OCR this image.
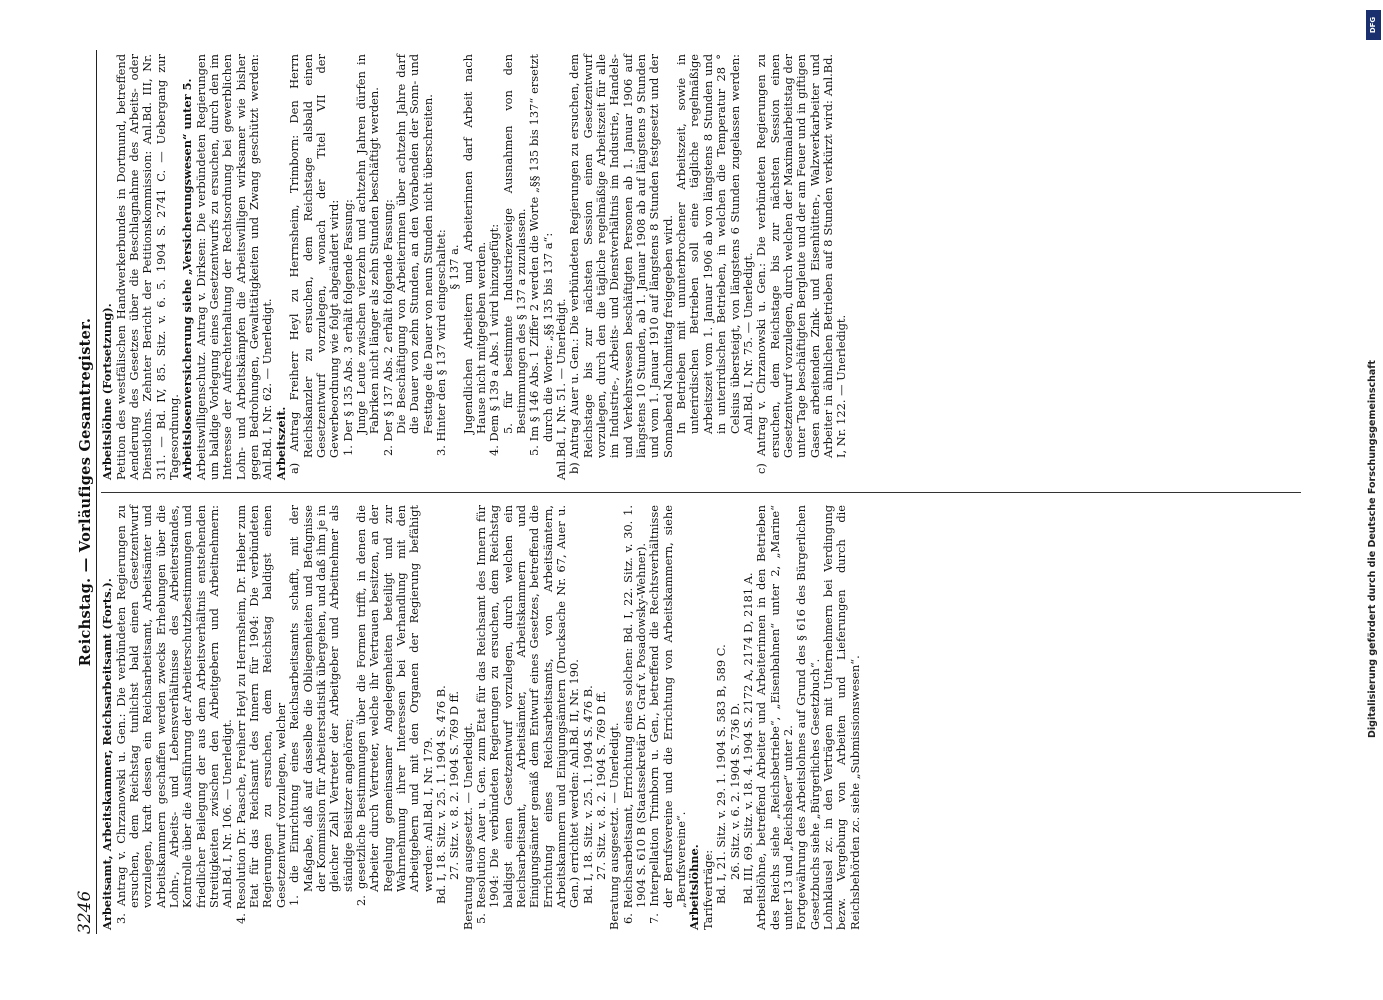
3246
Reichstag. — Vorläufiges Gesamtregister.

Arbeitsamt, Arbeitskammer, Reichsarbeitsamt (Forts.). 3. Antrag v. Chrzanowski u. Gen.: Die verbündeten Regierungen zu ersuchen, dem Reichstag tunlichst bald einen Gesetzentwurf vorzulegen, kraft dessen ein Reichsarbeitsamt, Arbeitsämter und Arbeitskammern geschaffen werden zwecks Erhebungen über die Lohn-, Arbeits- und Lebensverhältnisse des Arbeiterstandes, Kontrolle über die Ausführung der Arbeiterschutzbestimmungen und friedlicher Beilegung der aus dem Arbeitsverhältnis entstehenden Streitigkeiten zwischen den Arbeitgebern und Arbeitnehmern: Anl.Bd. I, Nr. 106. — Unerledigt. 4. Resolution Dr. Paasche, Freiherr Heyl zu Herrnsheim, Dr. Hieber zum Etat für das Reichsamt des Innern für 1904: Die verbündeten Regierungen zu ersuchen, dem Reichstag baldigst einen Gesetzentwurf vorzulegen, welcher 1. die Einrichtung eines Reichsarbeitsamts schafft, mit der Maßgabe, daß auf dasselbe die Obliegenheiten und Befugnisse der Kommission für Arbeiterstatistik übergehen, und daß ihm je in gleicher Zahl Vertreter der Arbeitgeber und Arbeitnehmer als ständige Beisitzer angehören; 2. gesetzliche Bestimmungen über die Formen trifft, in denen die Arbeiter durch Vertreter, welche ihr Vertrauen besitzen, an der Regelung gemeinsamer Angelegenheiten beteiligt und zur Wahrnehmung ihrer Interessen bei Verhandlung mit den Arbeitgebern und mit den Organen der Regierung befähigt werden: Anl.Bd. I, Nr. 179. Bd. I, 18. Sitz. v. 25. 1. 1904 S. 476 B. 27. Sitz. v. 8. 2. 1904 S. 769 D ff. Beratung ausgesetzt. — Unerledigt. 5. Resolution Auer u. Gen. zum Etat für das Reichsamt des Innern für 1904: Die verbündeten Regierungen zu ersuchen, dem Reichstag baldigst einen Gesetzentwurf vorzulegen, durch welchen ein Reichsarbeitsamt, Arbeitsämter, Arbeitskammern und Einigungsämter gemäß dem Entwurf eines Gesetzes, betreffend die Errichtung eines Reichsarbeitsamts, von Arbeitsämtern, Arbeitskammern und Einigungsämtern (Drucksache Nr. 67, Auer u. Gen.) errichtet werden: Anl.Bd. II, Nr. 190. Bd. I, 18. Sitz. v. 25. 1. 1904 S. 476 B. 27. Sitz. v. 8. 2. 1904 S. 769 D ff. Beratung ausgesetzt. — Unerledigt. 6. Reichsarbeitsamt, Errichtung eines solchen: Bd. I, 22. Sitz. v. 30. 1. 1904 S. 610 B (Staatssekretär Dr. Graf v. Posadowsky-Wehner). 7. Interpellation Trimborn u. Gen., betreffend die Rechtsverhältnisse der Berufsvereine und die Errichtung von Arbeitskammern, siehe „Berufsvereine“. Arbeitslöhne. Tarifverträge: Bd. I, 21. Sitz. v. 29. 1. 1904 S. 583 B, 589 C. 26. Sitz. v. 6. 2. 1904 S. 736 D. Bd. III, 69. Sitz. v. 18. 4. 1904 S. 2172 A, 2174 D, 2181 A. Arbeitslöhne, betreffend Arbeiter und Arbeiterinnen in den Betrieben des Reichs siehe „Reichsbetriebe“, „Eisenbahnen“ unter 2, „Marine“ unter 13 und „Reichsheer“ unter 2. Fortgewährung des Arbeitslohnes auf Grund des § 616 des Bürgerlichen Gesetzbuchs siehe „Bürgerliches Gesetzbuch“. Lohnklausel zc. in den Verträgen mit Unternehmern bei Verdingung bezw. Vergebung von Arbeiten und Lieferungen durch die Reichsbehörden zc. siehe „Submissionswesen“.

Arbeitslöhne (Fortsetzung). Petition des westfälischen Handwerkerbundes in Dortmund, betreffend Aenderung des Gesetzes über die Beschlagnahme des Arbeits- oder Dienstlohns. Zehnter Bericht der Petitionskommission: Anl.Bd. III, Nr. 311. — Bd. IV, 85. Sitz. v. 6. 5. 1904 S. 2741 C. — Uebergang zur Tagesordnung. Arbeitslosenversicherung siehe „Versicherungswesen“ unter 5. Arbeitswilligenschutz. Antrag v. Dirksen: Die verbündeten Regierungen um baldige Vorlegung eines Gesetzentwurfs zu ersuchen, durch den im Interesse der Aufrechterhaltung der Rechtsordnung bei gewerblichen Lohn- und Arbeitskämpfen die Arbeitswilligen wirksamer wie bisher gegen Bedrohungen, Gewalttätigkeiten und Zwang geschützt werden: Anl.Bd. I, Nr. 62. — Unerledigt. Arbeitszeit. a) Antrag Freiherr Heyl zu Herrnsheim, Trimborn: Den Herrn Reichskanzler zu ersuchen, dem Reichstage alsbald einen Gesetzentwurf vorzulegen, wonach der Titel VII der Gewerbeordnung wie folgt abgeändert wird: 1. Der § 135 Abs. 3 erhält folgende Fassung: Junge Leute zwischen vierzehn und achtzehn Jahren dürfen in Fabriken nicht länger als zehn Stunden beschäftigt werden. 2. Der § 137 Abs. 2 erhält folgende Fassung: Die Beschäftigung von Arbeiterinnen über achtzehn Jahre darf die Dauer von zehn Stunden, an den Vorabenden der Sonn- und Festtage die Dauer von neun Stunden nicht überschreiten. 3. Hinter den § 137 wird eingeschaltet: § 137 a. Jugendlichen Arbeitern und Arbeiterinnen darf Arbeit nach Hause nicht mitgegeben werden. 4. Dem § 139 a Abs. 1 wird hinzugefügt: 5. für bestimmte Industriezweige Ausnahmen von den Bestimmungen des § 137 a zuzulassen. 5. Im § 146 Abs. 1 Ziffer 2 werden die Worte „§§ 135 bis 137“ ersetzt durch die Worte: „§§ 135 bis 137 a“: Anl.Bd. I, Nr. 51. — Unerledigt. b) Antrag Auer u. Gen.: Die verbündeten Regierungen zu ersuchen, dem Reichstage bis zur nächsten Session einen Gesetzentwurf vorzulegen, durch den die tägliche regelmäßige Arbeitszeit für alle im Industrie-, Arbeits- und Dienstverhältnis im Industrie, Handels- und Verkehrswesen beschäftigten Personen ab 1. Januar 1906 auf längstens 10 Stunden, ab 1. Januar 1908 ab auf längstens 9 Stunden und vom 1. Januar 1910 auf längstens 8 Stunden festgesetzt und der Sonnabend Nachmittag freigegeben wird. In Betrieben mit ununterbrochener Arbeitszeit, sowie in unterirdischen Betrieben soll eine tägliche regelmäßige Arbeitszeit vom 1. Januar 1906 ab von längstens 8 Stunden und in unterirdischen Betrieben, in welchen die Temperatur 28 ° Celsius übersteigt, von längstens 6 Stunden zugelassen werden: Anl.Bd. I, Nr. 75. — Unerledigt. c) Antrag v. Chrzanowski u. Gen.: Die verbündeten Regierungen zu ersuchen, dem Reichstage bis zur nächsten Session einen Gesetzentwurf vorzulegen, durch welchen der Maximalarbeitstag der unter Tage beschäftigten Bergleute und der am Feuer und in giftigen Gasen arbeitenden Zink- und Eisenhütten-, Walzwerkarbeiter und Arbeiter in ähnlichen Betrieben auf 8 Stunden verkürzt wird: Anl.Bd. I, Nr. 122. — Unerledigt.

DFG
Digitalisierung gefördert durch die Deutsche Forschungsgemeinschaft
